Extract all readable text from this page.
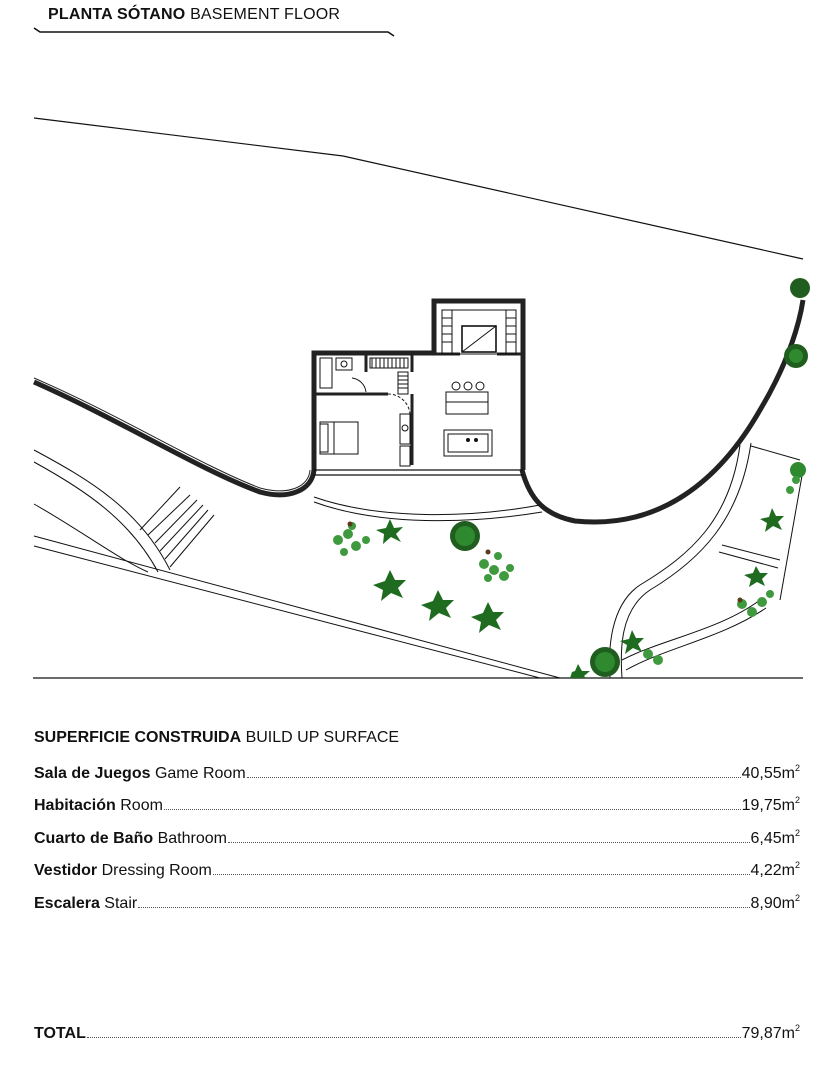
PLANTA SÓTANO BASEMENT FLOOR
SUPERFICIE CONSTRUIDA BUILD UP SURFACE
Sala de Juegos Game Room	$40,55m^2$
Habitación Room	$19,75m^2$
Cuarto de Baño Bathroom	$6,45m^2$
Vestidor Dressing Room	$4,22m^2$
Escalera Stair	$8,90m^2$
TOTAL	$79,87m^2$
